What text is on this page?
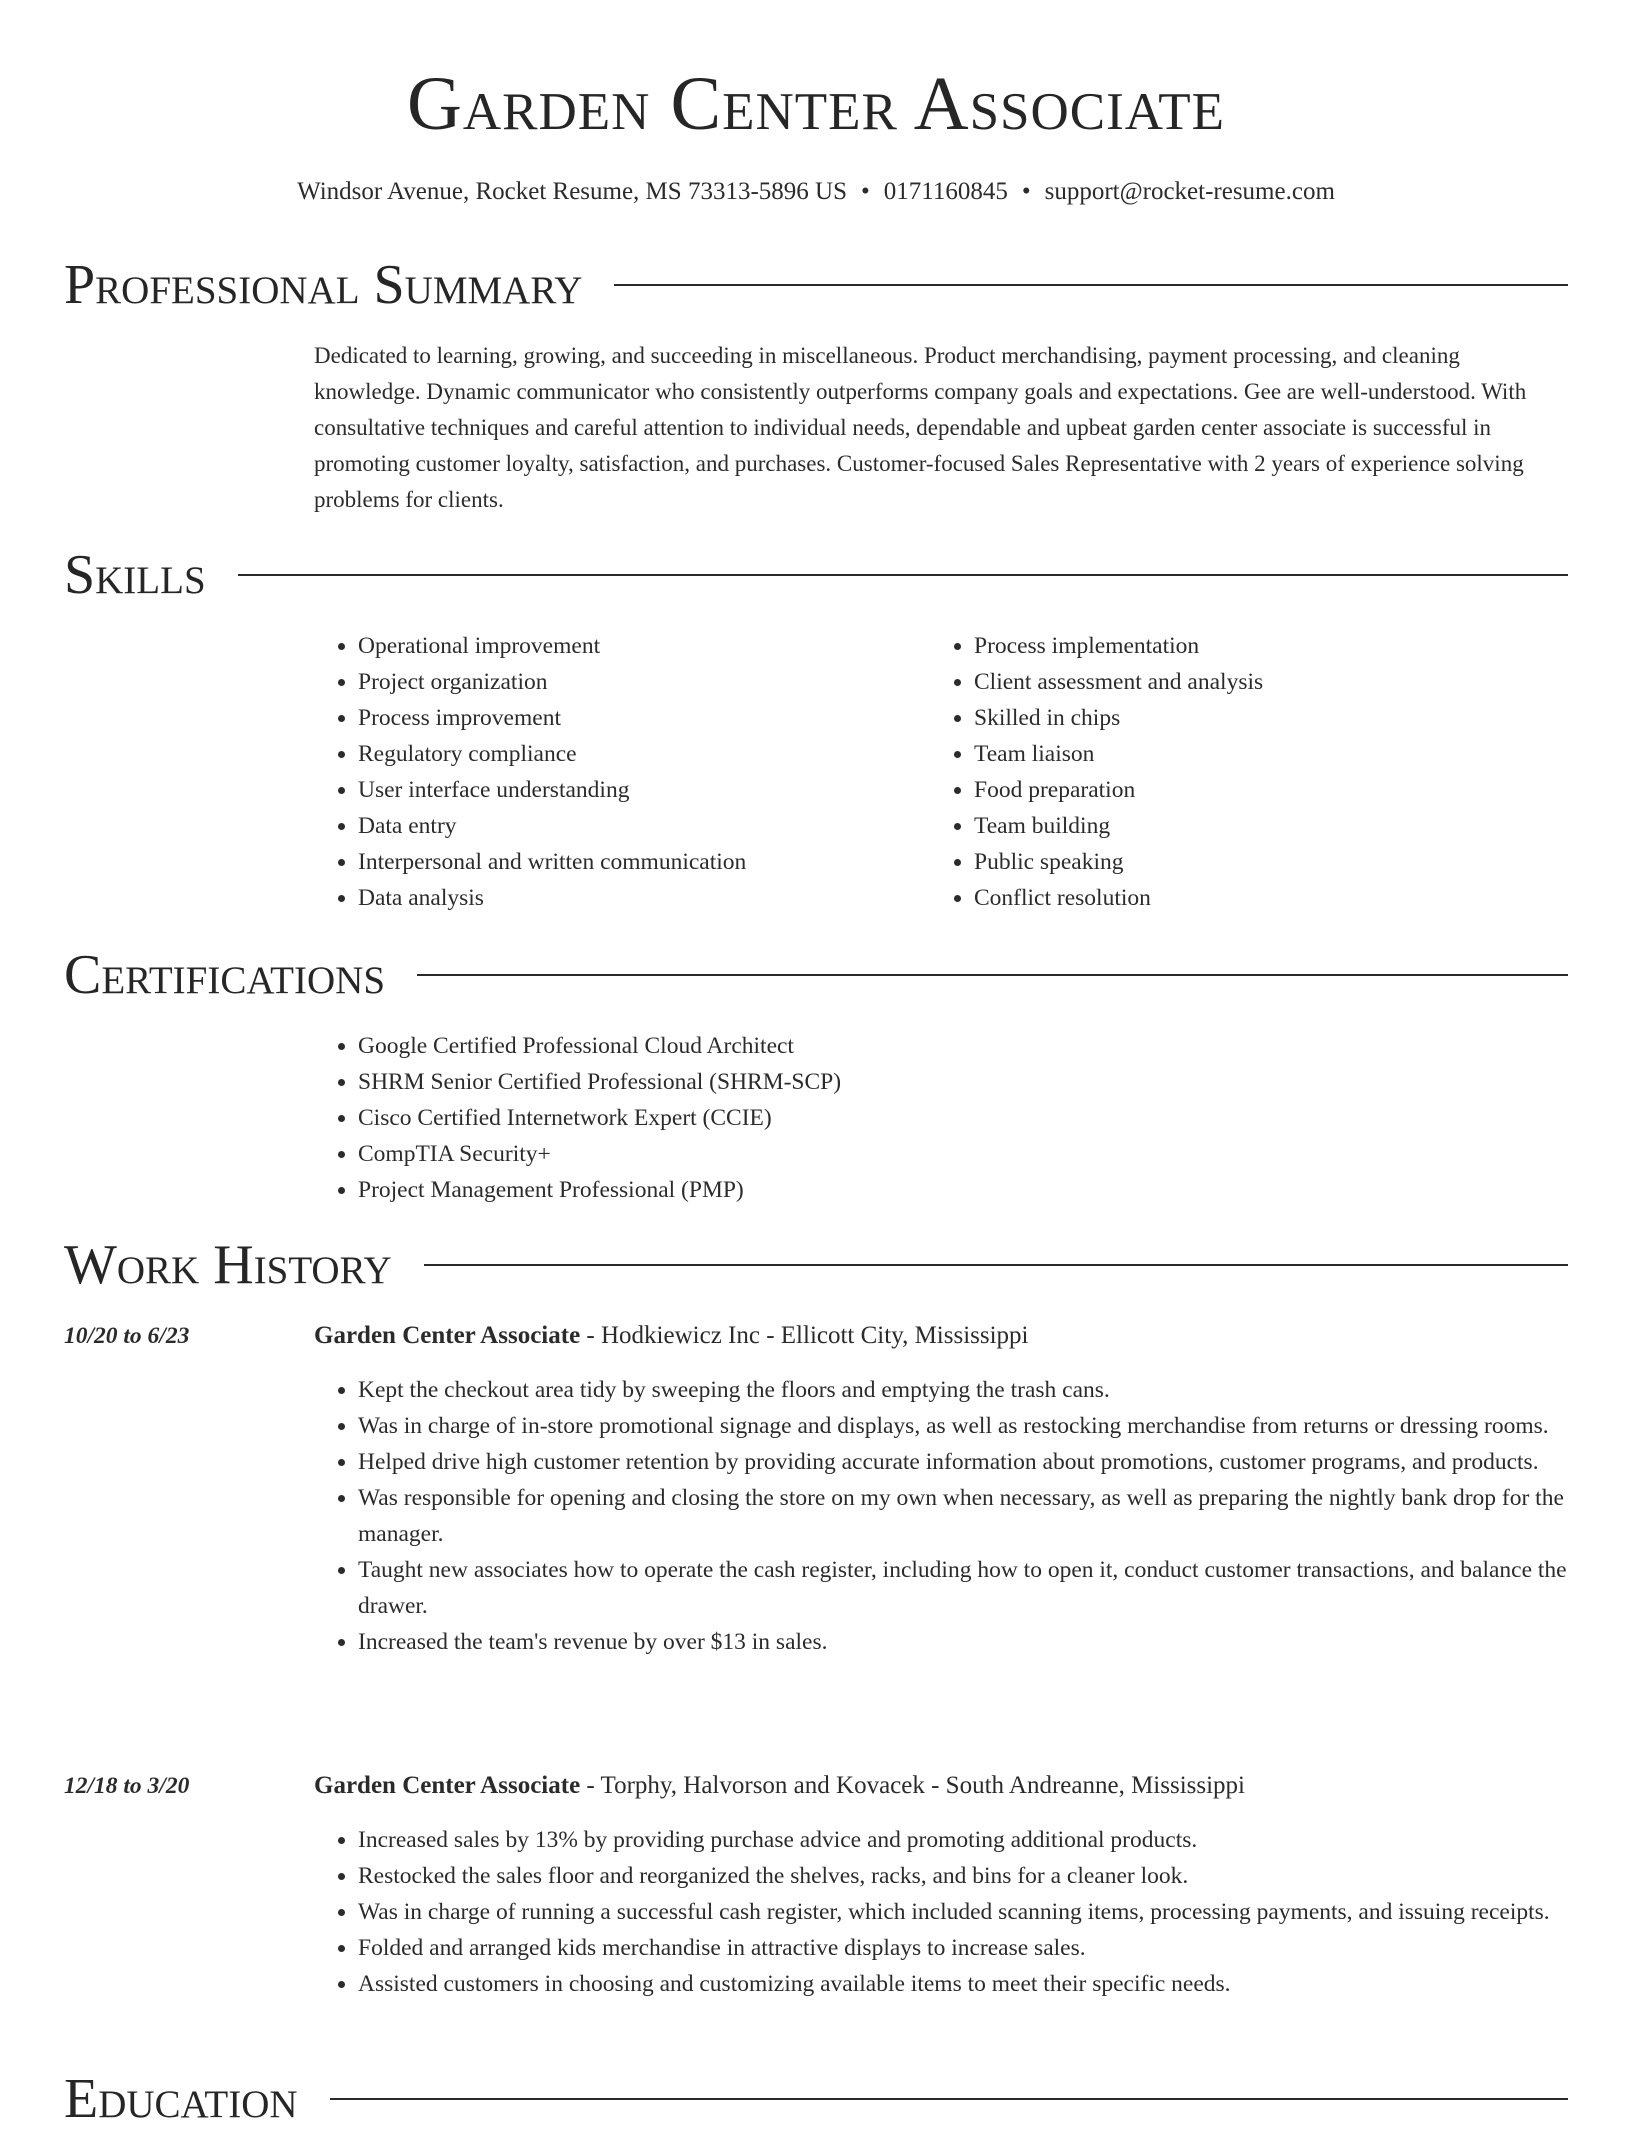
Garden Center Associate
Windsor Avenue, Rocket Resume, MS 73313-5896 US • 0171160845 • support@rocket-resume.com
Professional Summary

Dedicated to learning, growing, and succeeding in miscellaneous. Product merchandising, payment processing, and cleaning knowledge. Dynamic communicator who consistently outperforms company goals and expectations. Gee are well-understood. With consultative techniques and careful attention to individual needs, dependable and upbeat garden center associate is successful in promoting customer loyalty, satisfaction, and purchases. Customer-focused Sales Representative with 2 years of experience solving problems for clients.

Skills
• Operational improvement
• Project organization
• Process improvement
• Regulatory compliance
• User interface understanding
• Data entry
• Interpersonal and written communication
• Data analysis
• Process implementation
• Client assessment and analysis
• Skilled in chips
• Team liaison
• Food preparation
• Team building
• Public speaking
• Conflict resolution
Certifications
• Google Certified Professional Cloud Architect
• SHRM Senior Certified Professional (SHRM-SCP)
• Cisco Certified Internetwork Expert (CCIE)
• CompTIA Security+
• Project Management Professional (PMP)
Work History
10/20 to 6/23	Garden Center Associate - Hodkiewicz Inc - Ellicott City, Mississippi
• Kept the checkout area tidy by sweeping the floors and emptying the trash cans.
• Was in charge of in-store promotional signage and displays, as well as restocking merchandise from returns or dressing rooms.
• Helped drive high customer retention by providing accurate information about promotions, customer programs, and products.
• Was responsible for opening and closing the store on my own when necessary, as well as preparing the nightly bank drop for the manager.
• Taught new associates how to operate the cash register, including how to open it, conduct customer transactions, and balance the drawer.
• Increased the team's revenue by over $13 in sales.
12/18 to 3/20	Garden Center Associate - Torphy, Halvorson and Kovacek - South Andreanne, Mississippi
• Increased sales by 13% by providing purchase advice and promoting additional products.
• Restocked the sales floor and reorganized the shelves, racks, and bins for a cleaner look.
• Was in charge of running a successful cash register, which included scanning items, processing payments, and issuing receipts.
• Folded and arranged kids merchandise in attractive displays to increase sales.
• Assisted customers in choosing and customizing available items to meet their specific needs.
Education
